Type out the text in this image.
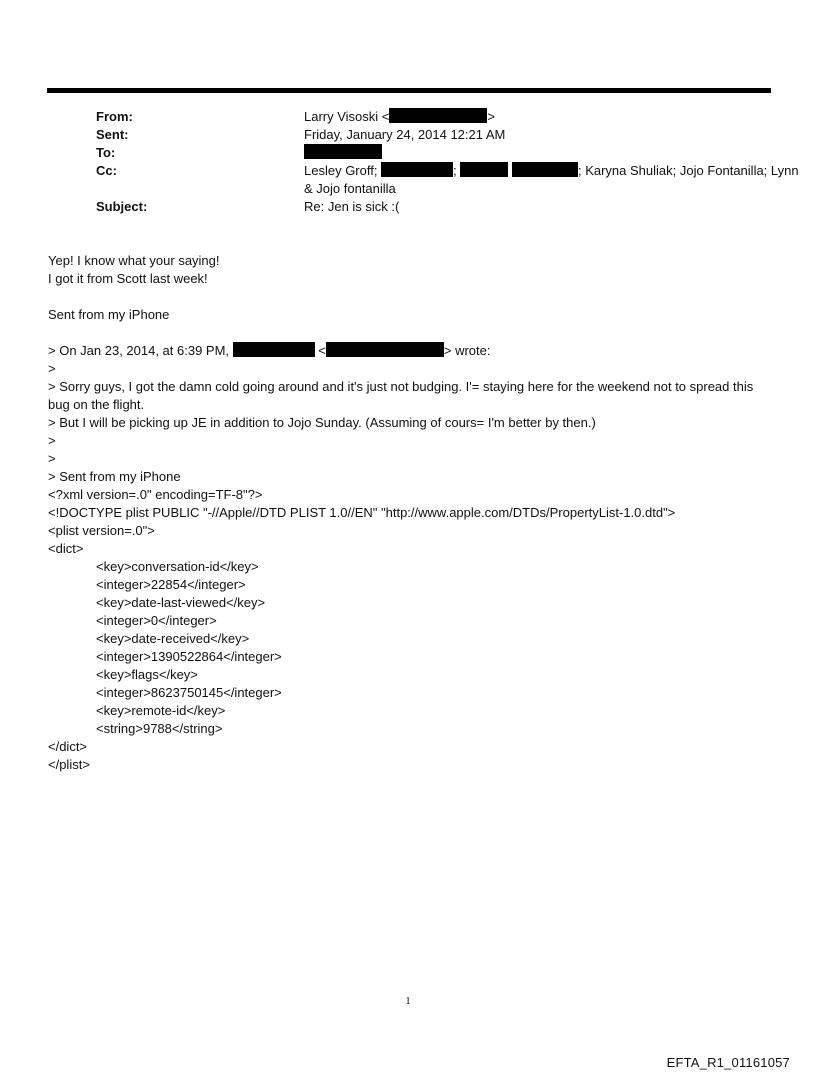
From:	Larry Visoski <	>
Sent:	Friday, January 24, 2014 12:21 AM
To:
Cc:	Lesley Groff;	;	; Karyna Shuliak; Jojo Fontanilla; Lynn
& Jojo fontanilla
Subject:	Re: Jen is sick :(
Yep! I know what your saying!
I got it from Scott last week!
Sent from my iPhone
> On Jan 23, 2014, at 6:39 PM,	<	> wrote:
>
> Sorry guys, I got the damn cold going around and it's just not budging. I'= staying here for the weekend not to spread this bug on the flight.
> But I will be picking up JE in addition to Jojo Sunday. (Assuming of cours= I'm better by then.)
>
>
> Sent from my iPhone
<?xml version=.0" encoding=TF-8"?>
<!DOCTYPE plist PUBLIC "-//Apple//DTD PLIST 1.0//EN" "http://www.apple.com/DTDs/PropertyList-1.0.dtd">
<plist version=.0">
<dict>
<key>conversation-id</key>
<integer>22854</integer>
<key>date-last-viewed</key>
<integer>0</integer>
<key>date-received</key>
<integer>1390522864</integer>
<key>flags</key>
<integer>8623750145</integer>
<key>remote-id</key>
<string>9788</string>
</dict>
</plist>
1
EFTA_R1_01161057
